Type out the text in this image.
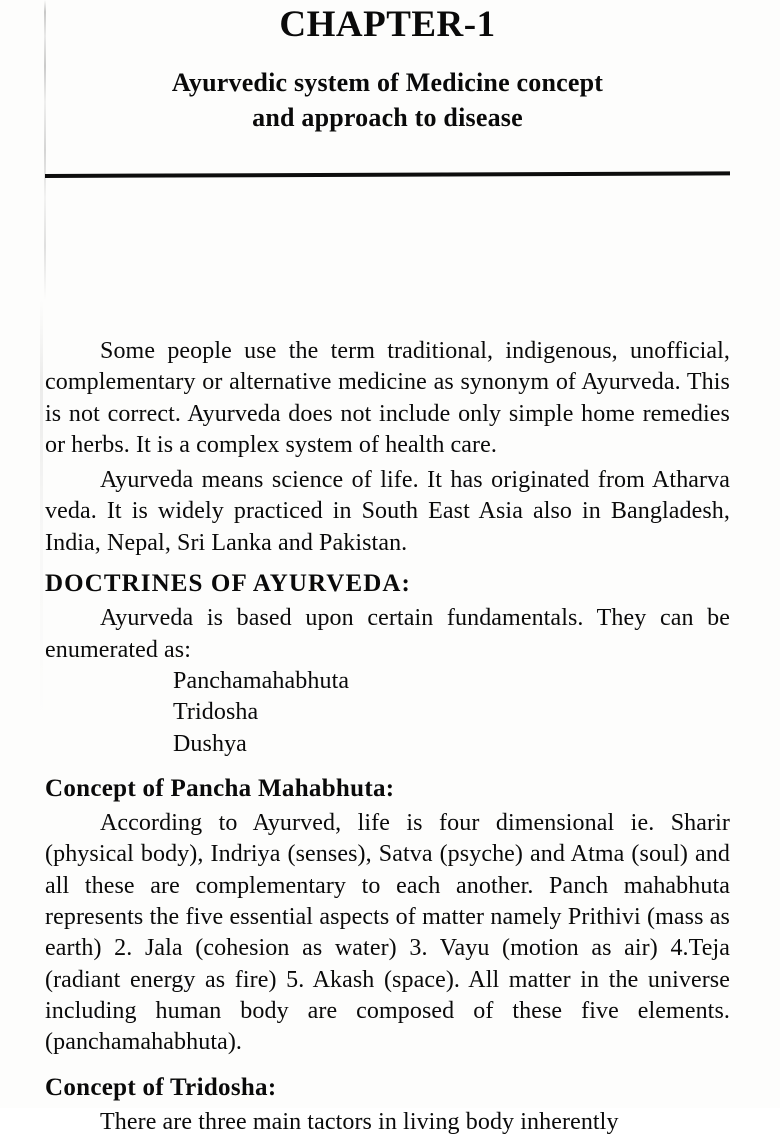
CHAPTER-1
Ayurvedic system of Medicine concept
and approach to disease

Some people use the term traditional, indigenous, unofficial, complementary or alternative medicine as synonym of Ayurveda. This is not correct. Ayurveda does not include only simple home remedies or herbs. It is a complex system of health care.

Ayurveda means science of life. It has originated from Atharva veda. It is widely practiced in South East Asia also in Bangladesh, India, Nepal, Sri Lanka and Pakistan.

DOCTRINES OF AYURVEDA:

Ayurveda is based upon certain fundamentals. They can be enumerated as:

Panchamahabhuta
Tridosha
Dushya
Concept of Pancha Mahabhuta:

According to Ayurved, life is four dimensional ie. Sharir (physical body), Indriya (senses), Satva (psyche) and Atma (soul) and all these are complementary to each another. Panch mahabhuta represents the five essential aspects of matter namely Prithivi (mass as earth) 2. Jala (cohesion as water) 3. Vayu (motion as air) 4.Teja (radiant energy as fire) 5. Akash (space). All matter in the universe including human body are composed of these five elements. (panchamahabhuta).

Concept of Tridosha:

There are three main tactors in living body inherently
